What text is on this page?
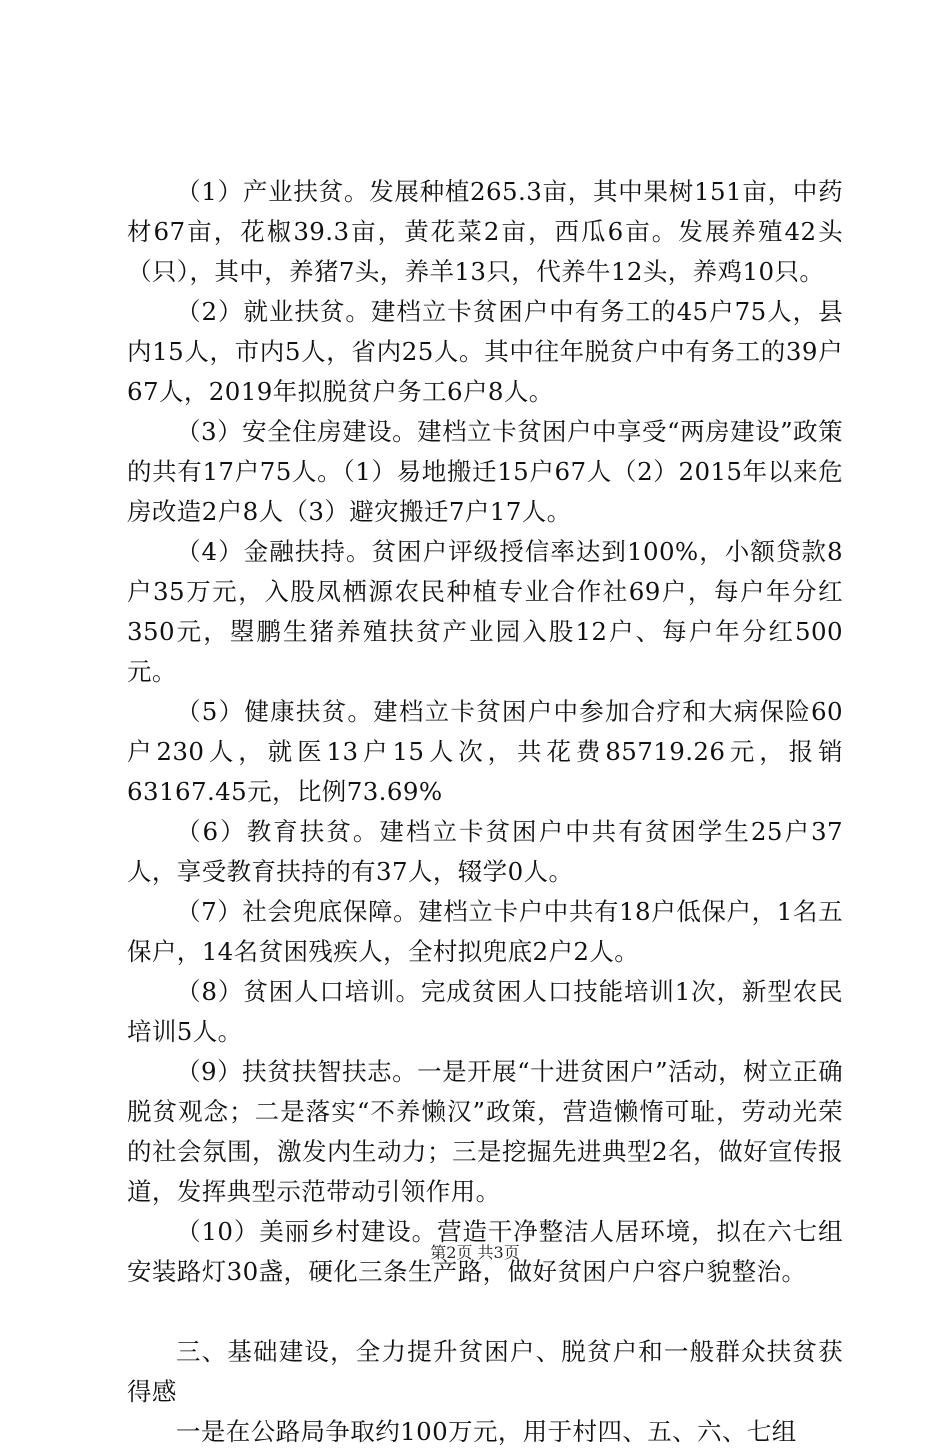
（1）产业扶贫。发展种植265.3亩，其中果树151亩，中药材67亩，花椒39.3亩，黄花菜2亩，西瓜6亩。发展养殖42头（只），其中，养猪7头，养羊13只，代养牛12头，养鸡10只。

（2）就业扶贫。建档立卡贫困户中有务工的45户75人，县内15人，市内5人，省内25人。其中往年脱贫户中有务工的39户67人，2019年拟脱贫户务工6户8人。

（3）安全住房建设。建档立卡贫困户中享受“两房建设”政策的共有17户75人。（1）易地搬迁15户67人（2）2015年以来危房改造2户8人（3）避灾搬迁7户17人。

（4）金融扶持。贫困户评级授信率达到100%，小额贷款8户35万元，入股凤栖源农民种植专业合作社69户，每户年分红350元，曌鹏生猪养殖扶贫产业园入股12户、每户年分红500元。

（5）健康扶贫。建档立卡贫困户中参加合疗和大病保险60户230人，就医13户15人次，共花费85719.26元，报销63167.45元，比例73.69%

（6）教育扶贫。建档立卡贫困户中共有贫困学生25户37人，享受教育扶持的有37人，辍学0人。

（7）社会兜底保障。建档立卡户中共有18户低保户，1名五保户，14名贫困残疾人，全村拟兜底2户2人。

（8）贫困人口培训。完成贫困人口技能培训1次，新型农民培训5人。

（9）扶贫扶智扶志。一是开展“十进贫困户”活动，树立正确脱贫观念；二是落实“不养懒汉”政策，营造懒惰可耻，劳动光荣的社会氛围，激发内生动力；三是挖掘先进典型2名，做好宣传报道，发挥典型示范带动引领作用。

（10）美丽乡村建设。营造干净整洁人居环境，拟在六七组安装路灯30盏，硬化三条生产路，做好贫困户户容户貌整治。

三、基础建设，全力提升贫困户、脱贫户和一般群众扶贫获得感

一是在公路局争取约100万元，用于村四、五、六、七组

第2页 共3页
